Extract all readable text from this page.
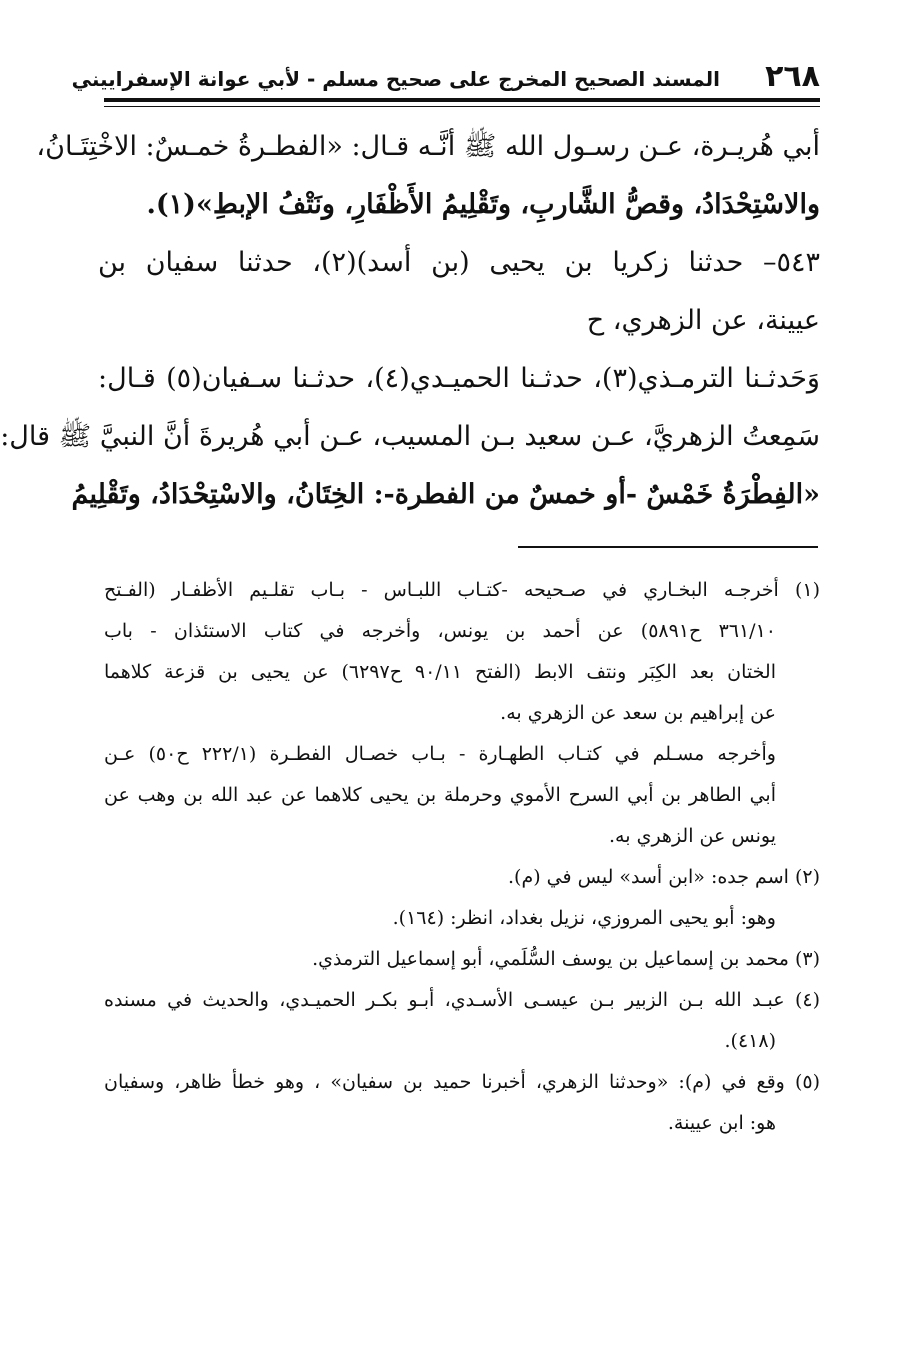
٢٦٨
المسند الصحيح المخرج على صحيح مسلم - لأبي عوانة الإسفراييني
أبي هُريـرة، عـن رسـول الله ﷺ أنَّـه قـال: «الفطـرةُ خمـسٌ: الاخْتِتَـانُ،
والاسْتِحْدَادُ، وقصُّ الشَّاربِ، وتَقْلِيمُ الأَظْفَارِ، ونَتْفُ الإبطِ»(١).
٥٤٣– حدثنا زكريا بن يحيى (بن أسد)(٢)، حدثنا سفيان بن
عيينة، عن الزهري، ح
وَحَدثـنا الترمـذي(٣)، حدثـنا الحميـدي(٤)، حدثـنا سـفيان(٥) قـال:
سَمِعتُ الزهريَّ، عـن سعيد بـن المسيب، عـن أبي هُريرةَ أنَّ النبيَّ ﷺ قال:
«الفِطْرَةُ خَمْسٌ -أو خمسٌ من الفطرة-: الخِتَانُ، والاسْتِحْدَادُ، وتَقْلِيمُ
(١) أخرجـه البخـاري في صـحيحه -كتـاب اللبـاس - بـاب تقلـيم الأظفـار (الفـتح
٣٦١/١٠ ح٥٨٩١) عن أحمد بن يونس، وأخرجه في كتاب الاستئذان - باب
الختان بعد الكِبَر ونتف الابط (الفتح ٩٠/١١ ح٦٢٩٧) عن يحيى بن قزعة كلاهما
عن إبراهيم بن سعد عن الزهري به.
وأخرجه مسـلم في كتـاب الطهـارة - بـاب خصـال الفطـرة (٢٢٢/١ ح٥٠) عـن
أبي الطاهر بن أبي السرح الأموي وحرملة بن يحيى كلاهما عن عبد الله بن وهب عن
يونس عن الزهري به.
(٢) اسم جده: «ابن أسد» ليس في (م).
وهو: أبو يحيى المروزي، نزيل بغداد، انظر: (١٦٤).
(٣) محمد بن إسماعيل بن يوسف السُّلَمي، أبو إسماعيل الترمذي.
(٤) عبـد الله بـن الزبير بـن عيسـى الأسـدي، أبـو بكـر الحميـدي، والحديث في مسنده
(٤١٨).
(٥) وقع في (م): «وحدثنا الزهري، أخبرنا حميد بن سفيان» ، وهو خطأ ظاهر، وسفيان
هو: ابن عيينة.
